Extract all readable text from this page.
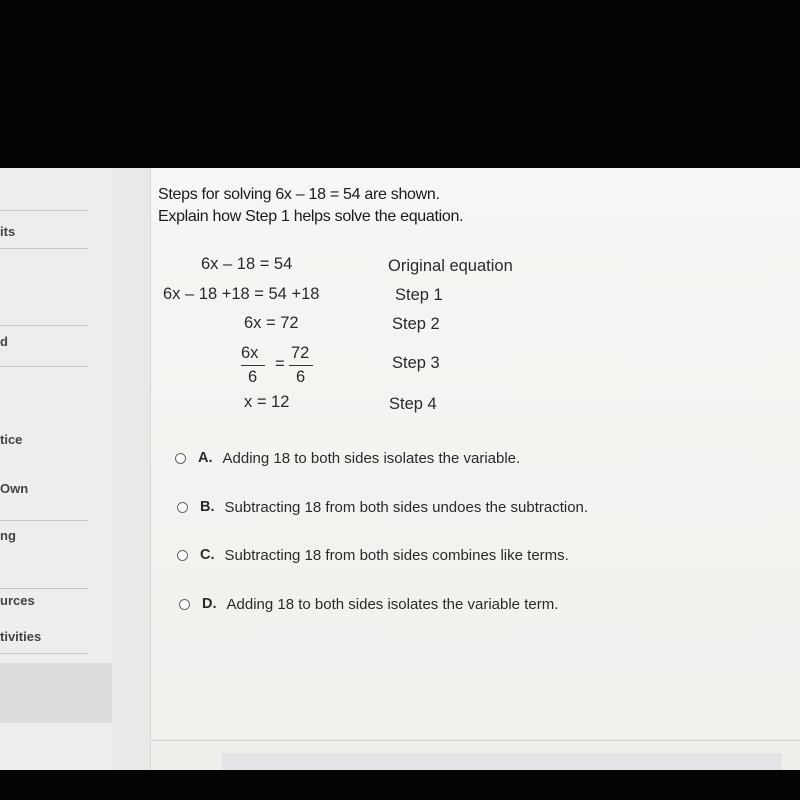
its
d
tice
Own
ng
urces
tivities
Steps for solving 6x – 18 = 54 are shown.
Explain how Step 1 helps solve the equation.
6x – 18 = 54
6x – 18 +18 = 54 +18
6x = 72
6x
6
=
72
6
x = 12
Original equation
Step 1
Step 2
Step 3
Step 4
A. Adding 18 to both sides isolates the variable.
B. Subtracting 18 from both sides undoes the subtraction.
C. Subtracting 18 from both sides combines like terms.
D. Adding 18 to both sides isolates the variable term.
